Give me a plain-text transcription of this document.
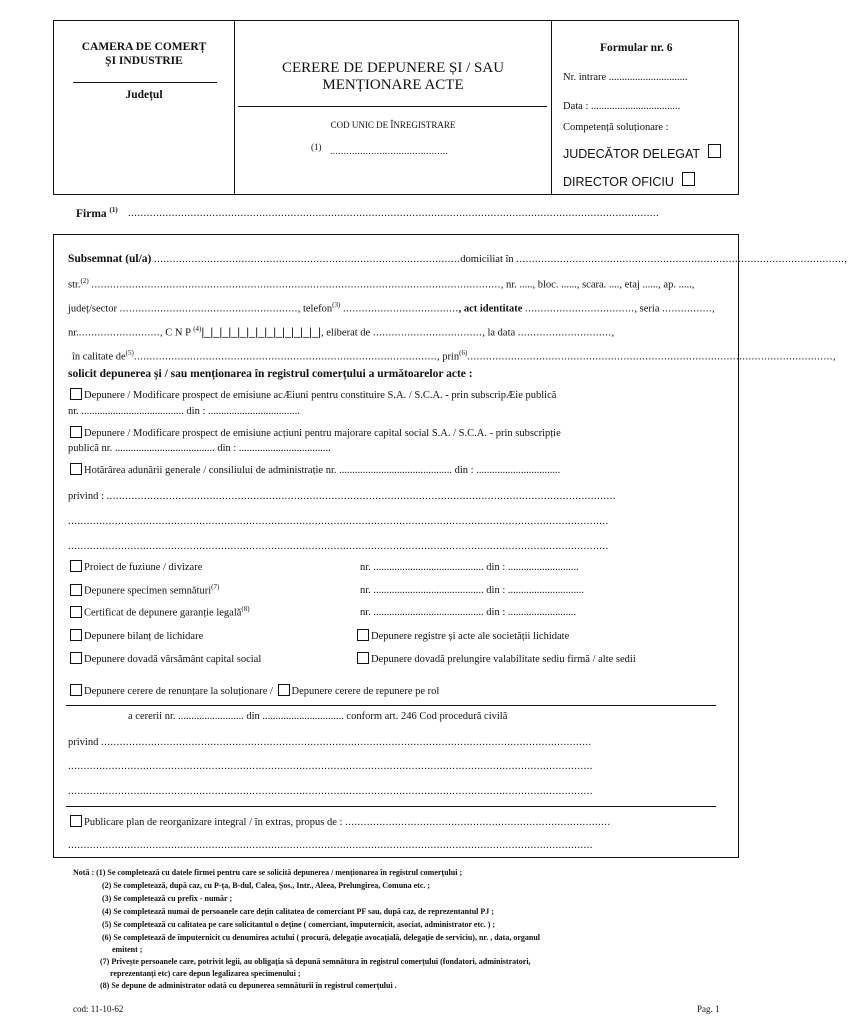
CAMERA DE COMERȚ
ȘI INDUSTRIE
Județul
CERERE DE DEPUNERE ȘI / SAU
MENȚIONARE ACTE
COD UNIC DE ÎNREGISTRARE
(1) ...........................................
Formular nr. 6
Nr. intrare ..............................
Data : ..................................
Competență soluționare :
JUDECĂTOR DELEGAT
DIRECTOR OFICIU
Firma $^{(1)}$ ..........................................................................................................................................................................
Subsemnat (ul/a) ..................................................................................................domiciliat în .........................................................................................................,
str.$^{(2)}$ ..................................................................................................................................., nr. ....., bloc. ......, scara. ...., etaj ......, ap. .....,
județ/sector ........................................................., telefon$^{(3)}$ ....................................., act identitate ..................................., seria ................,
nr..........................., C N P $^{(4)}$|_|_|_|_|_|_|_|_|_|_|_|_|_|, eliberat de ..................................., la data ..............................,
în calitate $de^{(5)}$................................................................................................., prin$^{(6)}$.....................................................................................................................,
solicit depunerea și / sau menționarea în registrul comerțului a următoarelor acte :
Depunere / Modificare prospect de emisiune acÆiuni pentru constituire S.A. / S.C.A. - prin subscripÆie publică
nr. ....................................... din : ...................................
Depunere / Modificare prospect de emisiune acțiuni pentru majorare capital social S.A. / S.C.A. - prin subscripție
publică nr. ...................................... din : ...................................
Hotărârea adunării generale / consiliului de administrație nr. ........................................... din : ................................
privind : ...................................................................................................................................................................
.............................................................................................................................................................................
.............................................................................................................................................................................
Proiect de fuziune / divizare	nr. .......................................... din : ...........................
Depunere specimen semnături$^{(7)}$	nr. .......................................... din : .............................
Certificat de depunere garanție legală$^{(8)}$	nr. .......................................... din : ..........................
Depunere bilanț de lichidare	Depunere registre și acte ale societății lichidate
Depunere dovadă vărsământ capital social	Depunere dovadă prelungire valabilitate sediu firmă / alte sedii
Depunere cerere de renunțare la soluționare / Depunere cerere de repunere pe rol
a cererii nr. ......................... din ............................... conform art. 246 Cod procedură civilă
privind .............................................................................................................................................................
........................................................................................................................................................................
........................................................................................................................................................................
Publicare plan de reorganizare integral / în extras, propus de : .....................................................................................
........................................................................................................................................................................
Notă : (1) Se completează cu datele firmei pentru care se solicită depunerea / menționarea în registrul comerțului ;
(2) Se completează, după caz, cu P-ța, B-dul, Calea, Șos., Intr., Aleea, Prelungirea, Comuna etc. ;
(3) Se completează cu prefix - număr ;
(4) Se completează numai de persoanele care dețin calitatea de comerciant PF sau, după caz, de reprezentantul PJ ;
(5) Se completează cu calitatea pe care solicitantul o deține ( comerciant, împuternicit, asociat, administrator etc. ) ;
(6) Se completează de împuternicit cu denumirea actului ( procură, delegație avocațială, delegație de serviciu), nr. , data, organul
emitent ;
(7) Privește persoanele care, potrivit legii, au obligația să depună semnătura în registrul comerțului (fondatori, administratori,
reprezentanți etc) care depun legalizarea specimenului ;
(8) Se depune de administrator odată cu depunerea semnăturii în registrul comerțului .
cod: 11-10-62	Pag. 1
